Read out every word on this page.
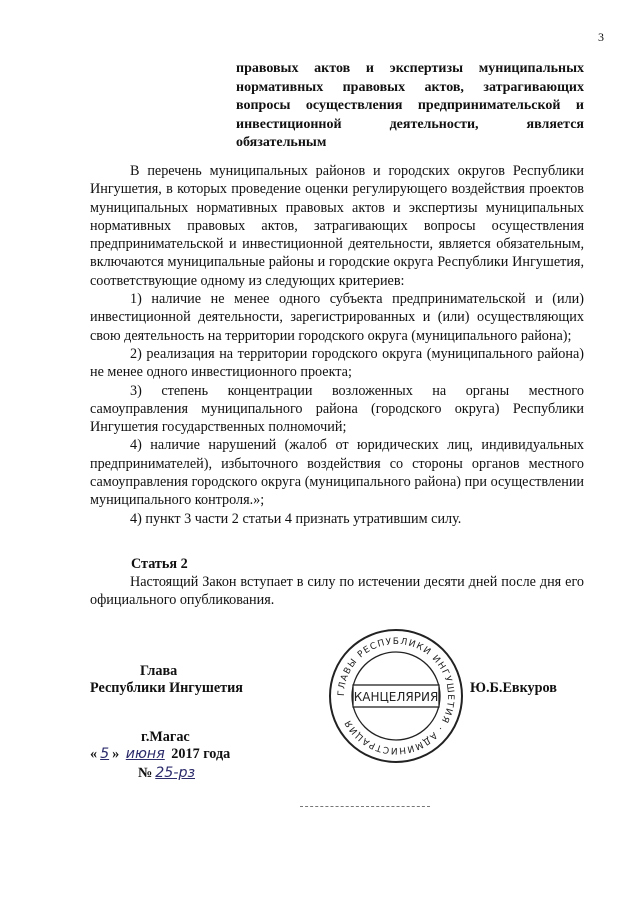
3
правовых актов и экспертизы муниципальных
нормативных правовых актов, затрагивающих
вопросы осуществления предпринимательской и
инвестиционной деятельности, является
обязательным

В перечень муниципальных районов и городских округов Республики Ингушетия, в которых проведение оценки регулирующего воздействия проектов муниципальных нормативных правовых актов и экспертизы муниципальных нормативных правовых актов, затрагивающих вопросы осуществления предпринимательской и инвестиционной деятельности, является обязательным, включаются муниципальные районы и городские округа Республики Ингушетия, соответствующие одному из следующих критериев:

1) наличие не менее одного субъекта предпринимательской и (или) инвестиционной деятельности, зарегистрированных и (или) осуществляющих свою деятельность на территории городского округа (муниципального района);

2) реализация на территории городского округа (муниципального района) не менее одного инвестиционного проекта;

3) степень концентрации возложенных на органы местного самоуправления муниципального района (городского округа) Республики Ингушетия государственных полномочий;

4) наличие нарушений (жалоб от юридических лиц, индивидуальных предпринимателей), избыточного воздействия со стороны органов местного самоуправления городского округа (муниципального района) при осуществлении муниципального контроля.»;

4) пункт 3 части 2 статьи 4 признать утратившим силу.

Статья 2

Настоящий Закон вступает в силу по истечении десяти дней после дня его официального опубликования.

Глава
Республики Ингушетия	Ю.Б.Евкуров
ГЛАВЫ РЕСПУБЛИКИ ИНГУШЕТИЯ · АДМИНИСТРАЦИЯ
КАНЦЕЛЯРИЯ
г.Магас
« 5 » июня 2017 года
№ 25-рз
